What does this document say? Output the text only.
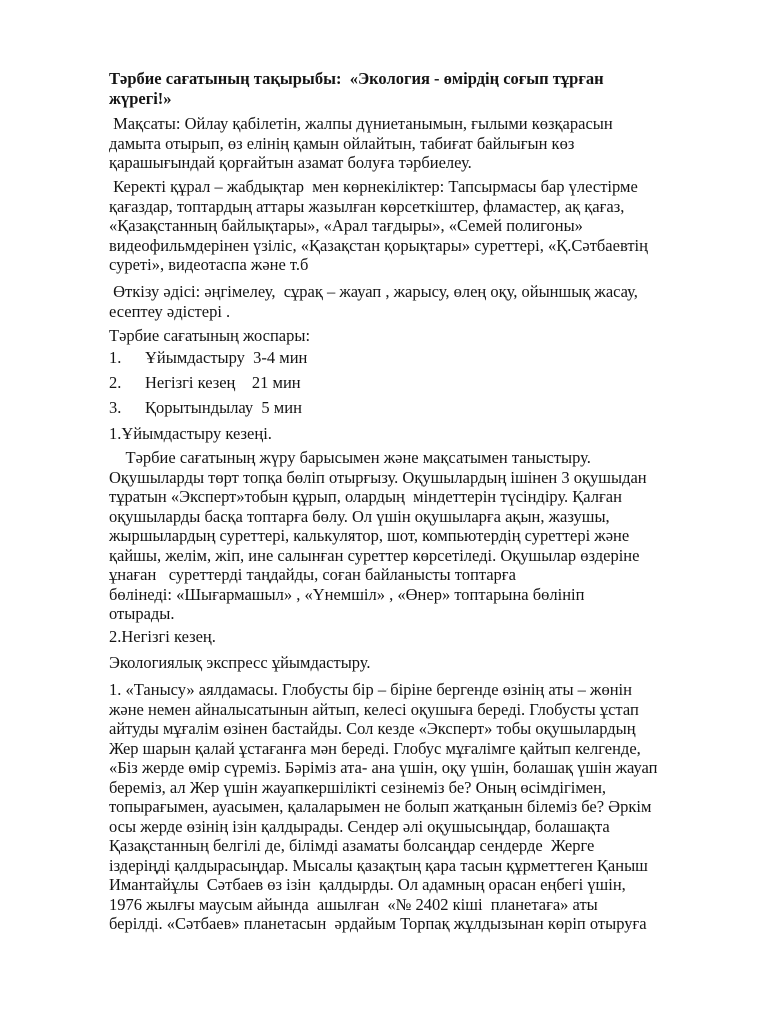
Тәрбие сағатының тақырыбы:  «Экология - өмірдің соғып тұрған
жүрегі!»
Мақсаты: Ойлау қабілетін, жалпы дүниетанымын, ғылыми көзқарасын
дамыта отырып, өз елінің қамын ойлайтын, табиғат байлығын көз
қарашығындай қорғайтын азамат болуға тәрбиелеу.
Керекті құрал – жабдықтар  мен көрнекіліктер: Тапсырмасы бар үлестірме
қағаздар, топтардың аттары жазылған көрсеткіштер, фламастер, ақ қағаз,
«Қазақстанның байлықтары», «Арал тағдыры», «Семей полигоны»
видеофильмдерінен үзіліс, «Қазақстан қорықтары» суреттері, «Қ.Сәтбаевтің
суреті», видеотаспа және т.б
Өткізу әдісі: әңгімелеу,  сұрақ – жауап , жарысу, өлең оқу, ойыншық жасау,
есептеу әдістері .
Тәрбие сағатының жоспары:
1.	Ұйымдастыру  3-4 мин
2.	Негізгі кезең    21 мин
3.	Қорытындылау  5 мин
1.Ұйымдастыру кезеңі.
Тәрбие сағатының жүру барысымен және мақсатымен таныстыру.
Оқушыларды төрт топқа бөліп отырғызу. Оқушылардың ішінен 3 оқушыдан
тұратын «Эксперт»тобын құрып, олардың  міндеттерін түсіндіру. Қалған
оқушыларды басқа топтарға бөлу. Ол үшін оқушыларға ақын, жазушы,
жыршылардың суреттері, калькулятор, шот, компьютердің суреттері және
қайшы, желім, жіп, ине салынған суреттер көрсетіледі. Оқушылар өздеріне
ұнаған   суреттерді таңдайды, соған байланысты топтарға
бөлінеді: «Шығармашыл» , «Үнемшіл» , «Өнер» топтарына бөлініп
отырады.
2.Негізгі кезең.
Экологиялық экспресс ұйымдастыру.
1. «Танысу» аялдамасы. Глобусты бір – біріне бергенде өзінің аты – жөнін
және немен айналысатынын айтып, келесі оқушыға береді. Глобусты ұстап
айтуды мұғалім өзінен бастайды. Сол кезде «Эксперт» тобы оқушылардың
Жер шарын қалай ұстағанға мән береді. Глобус мұғалімге қайтып келгенде,
«Біз жерде өмір сүреміз. Бәріміз ата- ана үшін, оқу үшін, болашақ үшін жауап
береміз, ал Жер үшін жауапкершілікті сезінеміз бе? Оның өсімдігімен,
топырағымен, ауасымен, қалаларымен не болып жатқанын білеміз бе? Әркім
осы жерде өзінің ізін қалдырады. Сендер әлі оқушысыңдар, болашақта
Қазақстанның белгілі де, білімді азаматы болсаңдар сендерде  Жерге
іздеріңді қалдырасыңдар. Мысалы қазақтың қара тасын құрметтеген Қаныш
Имантайұлы  Сәтбаев өз ізін  қалдырды. Ол адамның орасан еңбегі үшін,
1976 жылғы маусым айында  ашылған  «№ 2402 кіші  планетаға» аты
берілді. «Сәтбаев» планетасын  әрдайым Торпақ жұлдызынан көріп отыруға
